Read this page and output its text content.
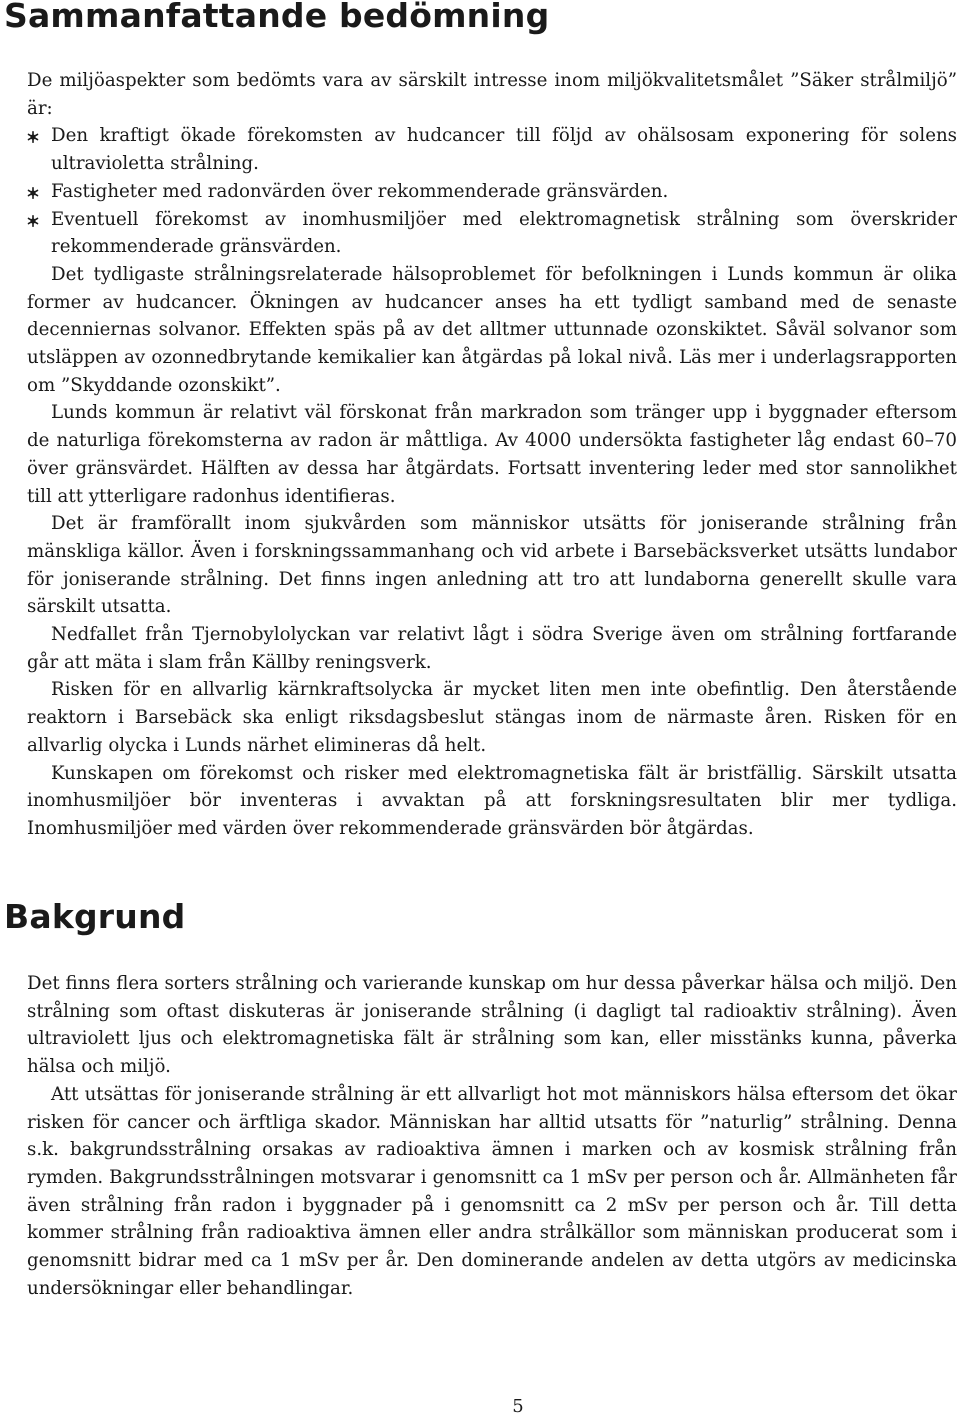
Sammanfattande bedömning

De miljöaspekter som bedömts vara av särskilt intresse inom miljökvalitetsmålet ”Säker strålmiljö” är:

Den kraftigt ökade förekomsten av hudcancer till följd av ohälsosam exponering för solens ultravioletta strålning.
Fastigheter med radonvärden över rekommenderade gränsvärden.
Eventuell förekomst av inomhusmiljöer med elektromagnetisk strålning som överskrider rekommenderade gränsvärden.

Det tydligaste strålningsrelaterade hälsoproblemet för befolkningen i Lunds kommun är olika former av hudcancer. Ökningen av hudcancer anses ha ett tydligt samband med de senaste decenniernas solvanor. Effekten späs på av det alltmer uttunnade ozonskiktet. Såväl solvanor som utsläppen av ozonnedbrytande kemikalier kan åtgärdas på lokal nivå. Läs mer i underlagsrapporten om ”Skyddande ozonskikt”.

Lunds kommun är relativt väl förskonat från markradon som tränger upp i byggnader eftersom de naturliga förekomsterna av radon är måttliga. Av 4000 undersökta fastigheter låg endast 60–70 över gränsvärdet. Hälften av dessa har åtgärdats. Fortsatt inventering leder med stor sannolikhet till att ytterligare radonhus identifieras.

Det är framförallt inom sjukvården som människor utsätts för joniserande strålning från mänskliga källor. Även i forskningssammanhang och vid arbete i Barsebäcksverket utsätts lundabor för joniserande strålning. Det finns ingen anledning att tro att lundaborna generellt skulle vara särskilt utsatta.

Nedfallet från Tjernobylolyckan var relativt lågt i södra Sverige även om strålning fortfarande går att mäta i slam från Källby reningsverk.

Risken för en allvarlig kärnkraftsolycka är mycket liten men inte obefintlig. Den återstående reaktorn i Barsebäck ska enligt riksdagsbeslut stängas inom de närmaste åren. Risken för en allvarlig olycka i Lunds närhet elimineras då helt.

Kunskapen om förekomst och risker med elektromagnetiska fält är bristfällig. Särskilt utsatta inomhusmiljöer bör inventeras i avvaktan på att forskningsresultaten blir mer tydliga. Inomhusmiljöer med värden över rekommenderade gränsvärden bör åtgärdas.

Bakgrund

Det finns flera sorters strålning och varierande kunskap om hur dessa påverkar hälsa och miljö. Den strålning som oftast diskuteras är joniserande strålning (i dagligt tal radioaktiv strålning). Även ultraviolett ljus och elektromagnetiska fält är strålning som kan, eller misstänks kunna, påverka hälsa och miljö.

Att utsättas för joniserande strålning är ett allvarligt hot mot människors hälsa eftersom det ökar risken för cancer och ärftliga skador. Människan har alltid utsatts för ”naturlig” strålning. Denna s.k. bakgrundsstrålning orsakas av radioaktiva ämnen i marken och av kosmisk strålning från rymden. Bakgrundsstrålningen motsvarar i genomsnitt ca 1 mSv per person och år. Allmänheten får även strålning från radon i byggnader på i genomsnitt ca 2 mSv per person och år. Till detta kommer strålning från radioaktiva ämnen eller andra strålkällor som människan producerat som i genomsnitt bidrar med ca 1 mSv per år. Den dominerande andelen av detta utgörs av medicinska undersökningar eller behandlingar.

5
